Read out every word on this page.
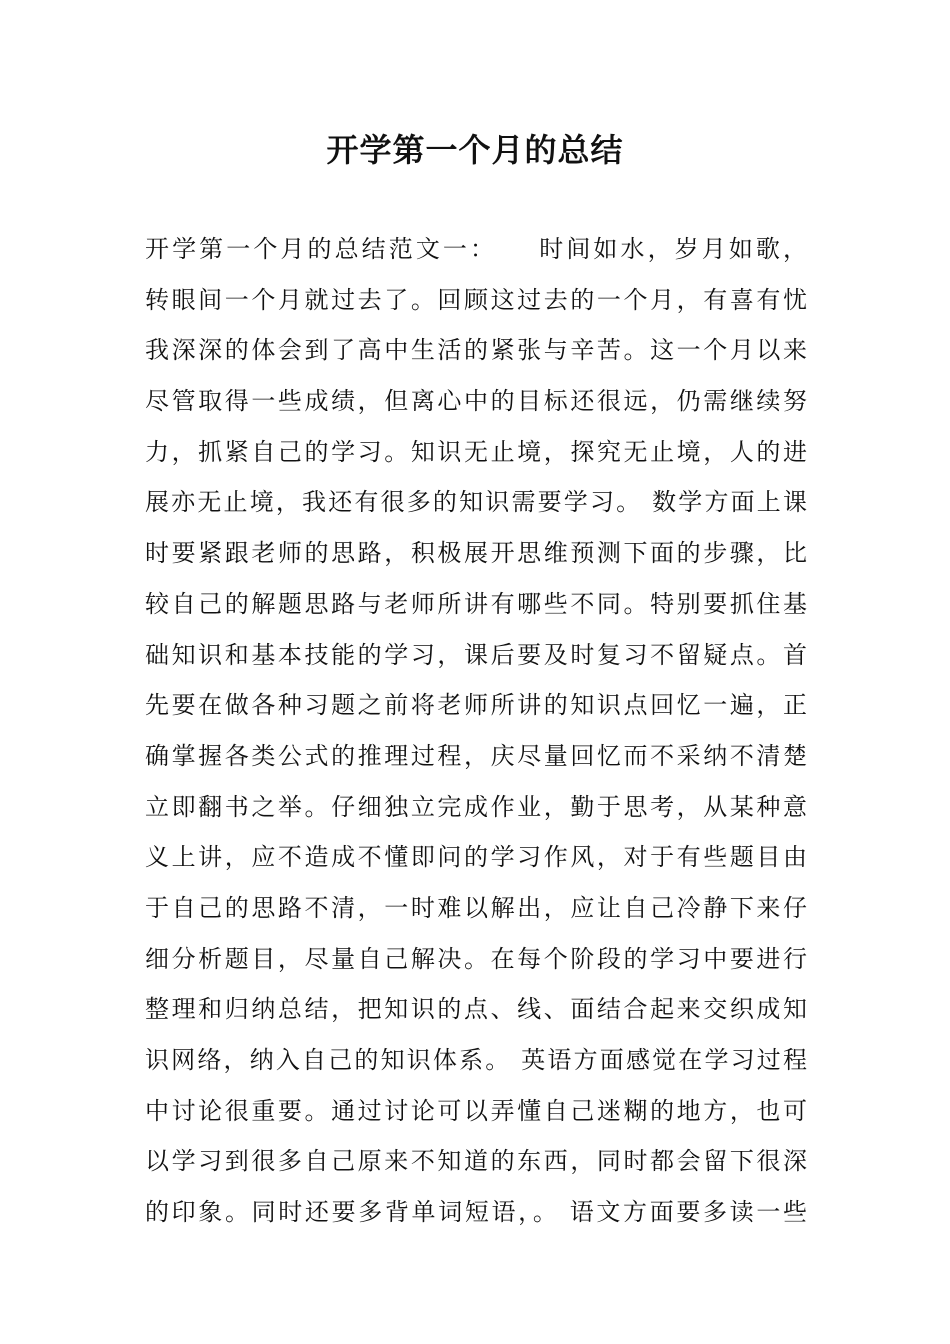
开学第一个月的总结
开学第一个月的总结范文一：　　时间如水，岁月如歌，
转眼间一个月就过去了。回顾这过去的一个月，有喜有忧
我深深的体会到了高中生活的紧张与辛苦。这一个月以来
尽管取得一些成绩，但离心中的目标还很远，仍需继续努
力，抓紧自己的学习。知识无止境，探究无止境，人的进
展亦无止境，我还有很多的知识需要学习。 数学方面上课
时要紧跟老师的思路，积极展开思维预测下面的步骤，比
较自己的解题思路与老师所讲有哪些不同。特别要抓住基
础知识和基本技能的学习，课后要及时复习不留疑点。首
先要在做各种习题之前将老师所讲的知识点回忆一遍，正
确掌握各类公式的推理过程，庆尽量回忆而不采纳不清楚
立即翻书之举。仔细独立完成作业，勤于思考，从某种意
义上讲，应不造成不懂即问的学习作风，对于有些题目由
于自己的思路不清，一时难以解出，应让自己冷静下来仔
细分析题目，尽量自己解决。在每个阶段的学习中要进行
整理和归纳总结，把知识的点、线、面结合起来交织成知
识网络，纳入自己的知识体系。 英语方面感觉在学习过程
中讨论很重要。通过讨论可以弄懂自己迷糊的地方，也可
以学习到很多自己原来不知道的东西，同时都会留下很深
的印象。同时还要多背单词短语，。 语文方面要多读一些
